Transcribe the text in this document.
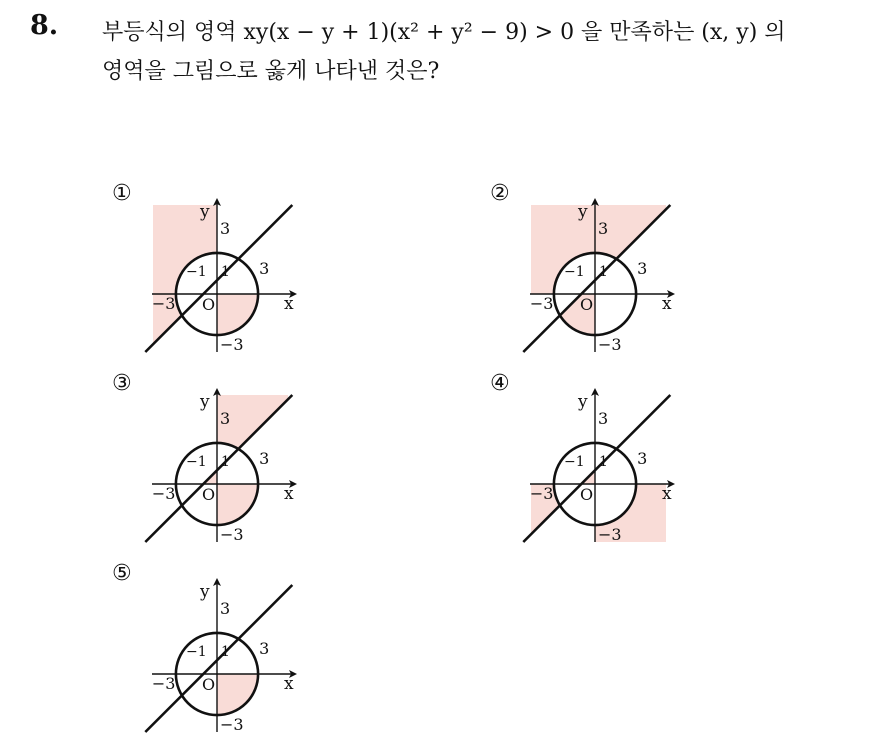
8. 부등식의 영역 xy(x − y + 1)(x² + y² − 9) > 0 을 만족하는 (x, y) 의
영역을 그림으로 옳게 나타낸 것은?
①	②
③	④
⑤
y
3
−1 1 3
−3 O	x
−3
y
3
−1 1 3
−3 O	x
−3
y
3
−1 1 3
−3 O	x
−3
y
3
−1 1 3
−3 O	x
−3
y
3
−1 1 3
−3 O	x
−3
